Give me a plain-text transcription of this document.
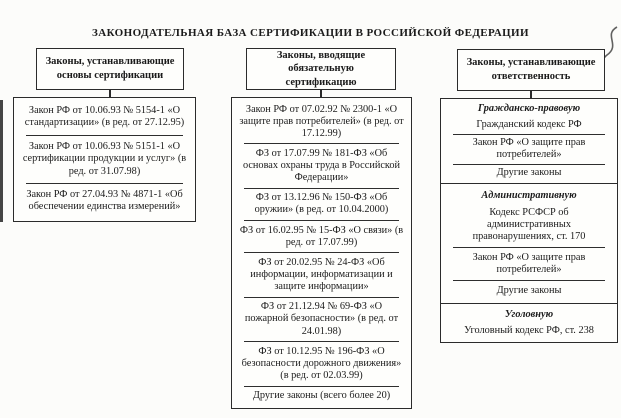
ЗАКОНОДАТЕЛЬНАЯ БАЗА СЕРТИФИКАЦИИ В РОССИЙСКОЙ ФЕДЕРАЦИИ
Законы, устанавливающие основы сертификации
Закон РФ от 10.06.93 № 5154-1 «О стандартизации» (в ред. от 27.12.95)
Закон РФ от 10.06.93 № 5151-1 «О сертификации продукции и услуг» (в ред. от 31.07.98)
Закон РФ от 27.04.93 № 4871-1 «Об обеспечении единства измерений»
Законы, вводящие обязательную сертификацию
Закон РФ от 07.02.92 № 2300-1 «О защите прав потребителей» (в ред. от 17.12.99)
ФЗ от 17.07.99 № 181-ФЗ «Об основах охраны труда в Российской Федерации»
ФЗ от 13.12.96 № 150-ФЗ «Об оружии» (в ред. от 10.04.2000)
ФЗ от 16.02.95 № 15-ФЗ «О связи» (в ред. от 17.07.99)
ФЗ от 20.02.95 № 24-ФЗ «Об информации, информатизации и защите информации»
ФЗ от 21.12.94 № 69-ФЗ «О пожарной безопасности» (в ред. от 24.01.98)
ФЗ от 10.12.95 № 196-ФЗ «О безопасности дорожного движения» (в ред. от 02.03.99)
Другие законы (всего более 20)
Законы, устанавливающие ответственность
Гражданско-правовую
Гражданский кодекс РФ
Закон РФ «О защите прав потребителей»
Другие законы
Административную
Кодекс РСФСР об административных правонарушениях, ст. 170
Закон РФ «О защите прав потребителей»
Другие законы
Уголовную
Уголовный кодекс РФ, ст. 238
